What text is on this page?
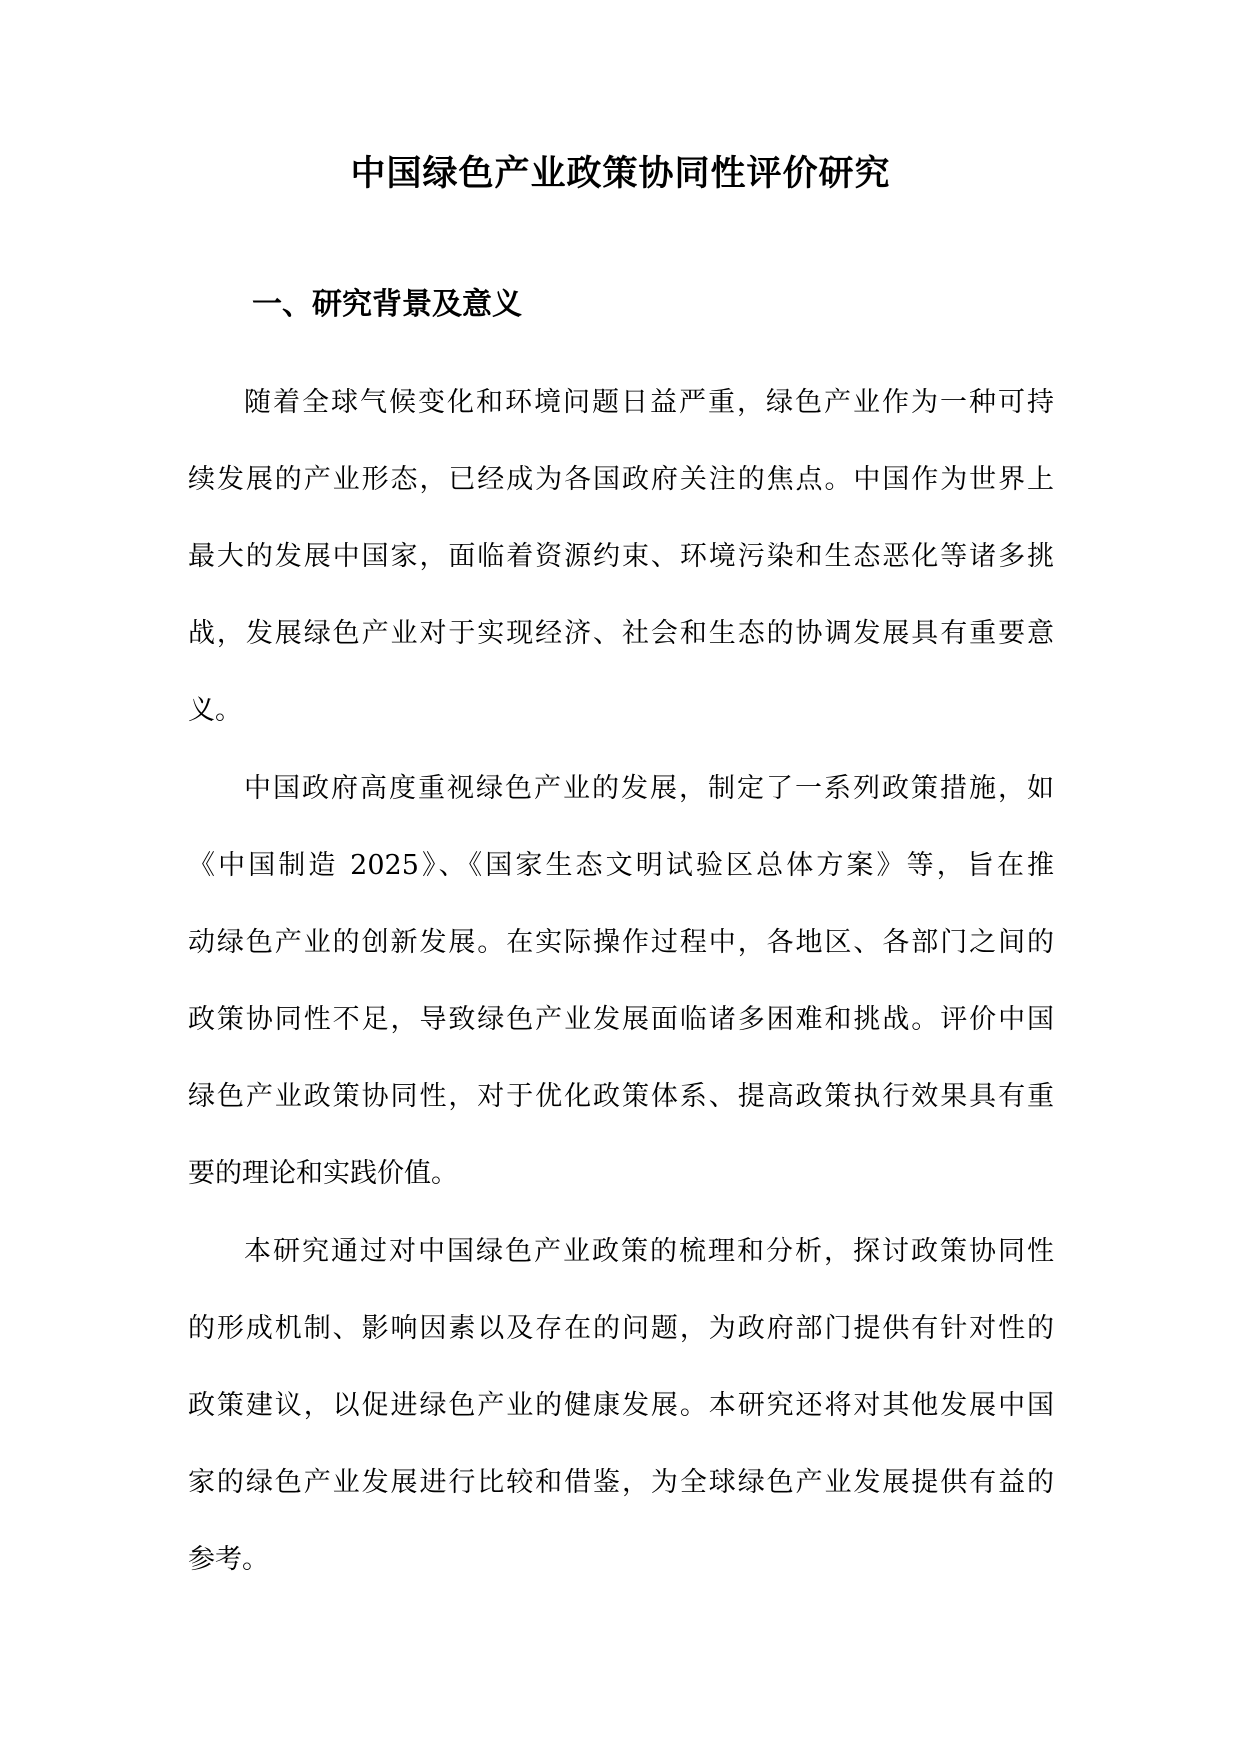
中国绿色产业政策协同性评价研究
一、研究背景及意义

随着全球气候变化和环境问题日益严重，绿色产业作为一种可持
续发展的产业形态，已经成为各国政府关注的焦点。中国作为世界上
最大的发展中国家，面临着资源约束、环境污染和生态恶化等诸多挑
战，发展绿色产业对于实现经济、社会和生态的协调发展具有重要意
义。

中国政府高度重视绿色产业的发展，制定了一系列政策措施，如
《中国制造 2025》、《国家生态文明试验区总体方案》等，旨在推
动绿色产业的创新发展。在实际操作过程中，各地区、各部门之间的
政策协同性不足，导致绿色产业发展面临诸多困难和挑战。评价中国
绿色产业政策协同性，对于优化政策体系、提高政策执行效果具有重
要的理论和实践价值。

本研究通过对中国绿色产业政策的梳理和分析，探讨政策协同性
的形成机制、影响因素以及存在的问题，为政府部门提供有针对性的
政策建议，以促进绿色产业的健康发展。本研究还将对其他发展中国
家的绿色产业发展进行比较和借鉴，为全球绿色产业发展提供有益的
参考。
